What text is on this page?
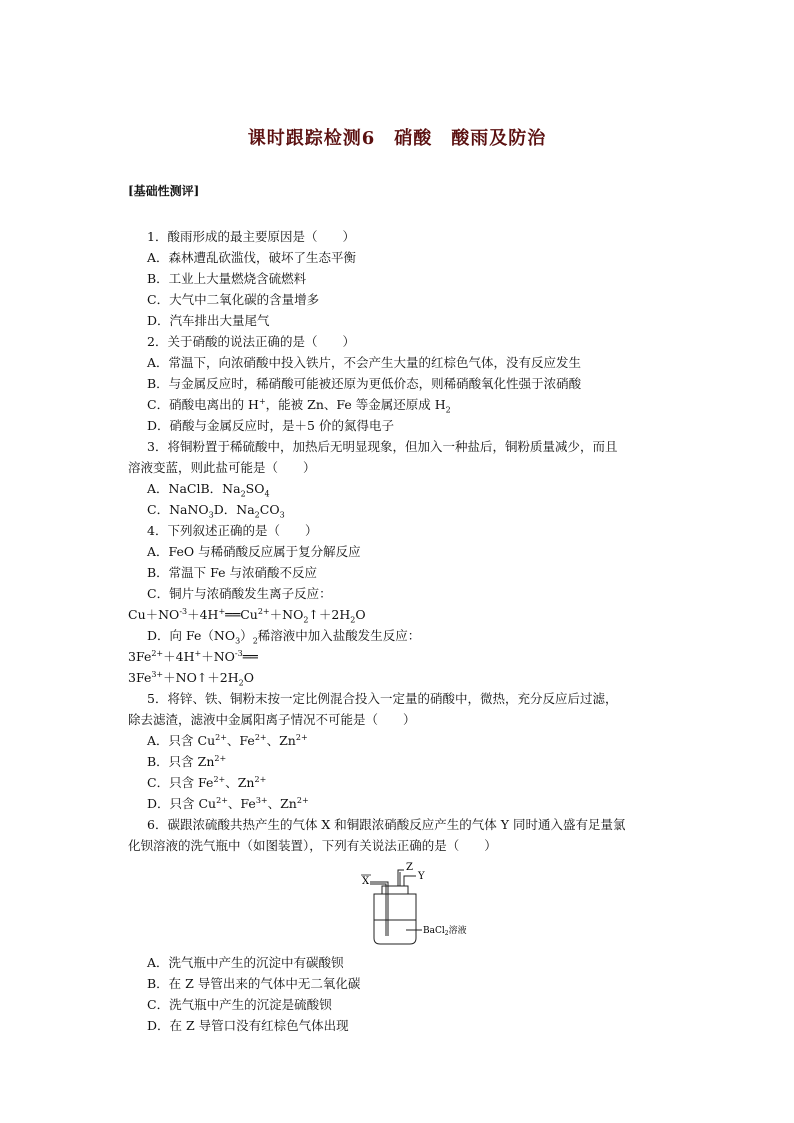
课时跟踪检测6　硝酸　酸雨及防治
[基础性测评]
1．酸雨形成的最主要原因是（　　）
A．森林遭乱砍滥伐，破坏了生态平衡
B．工业上大量燃烧含硫燃料
C．大气中二氧化碳的含量增多
D．汽车排出大量尾气
2．关于硝酸的说法正确的是（　　）
A．常温下，向浓硝酸中投入铁片，不会产生大量的红棕色气体，没有反应发生
B．与金属反应时，稀硝酸可能被还原为更低价态，则稀硝酸氧化性强于浓硝酸
C．硝酸电离出的 H+，能被 Zn、Fe 等金属还原成 $H_2$
D．硝酸与金属反应时，是＋5 价的氮得电子
3．将铜粉置于稀硫酸中，加热后无明显现象，但加入一种盐后，铜粉质量减少，而且
溶液变蓝，则此盐可能是（　　）
A．NaClB．$Na_2SO_4$
C．NaNO$_3$D．$Na_2CO_3$
4．下列叙述正确的是（　　）
A．FeO 与稀硝酸反应属于复分解反应
B．常温下 Fe 与浓硝酸不反应
C．铜片与浓硝酸发生离子反应：
$Cu+NO^{-3}+4H^+══Cu^{2+}+NO_2↑+2H_2O$
D．向 $Fe(NO_3)_2$稀溶液中加入盐酸发生反应：
$3Fe^{2+}+4H^++NO^{-3}══$
$3Fe^{3+}+NO↑+2H_2O$
5．将锌、铁、铜粉末按一定比例混合投入一定量的硝酸中，微热，充分反应后过滤，
除去滤渣，滤液中金属阳离子情况不可能是（　　）
A．只含 $Cu^{2+}$、$Fe^{2+}$、$Zn^{2+}$
B．只含 $Zn^{2+}$
C．只含 $Fe^{2+}$、$Zn^{2+}$
D．只含 $Cu^{2+}$、$Fe^{3+}$、$Zn^{2+}$
6．碳跟浓硫酸共热产生的气体 X 和铜跟浓硝酸反应产生的气体 Y 同时通入盛有足量氯
化钡溶液的洗气瓶中（如图装置），下列有关说法正确的是（　　）
X
Z
Y
BaCl$_2$溶液
A．洗气瓶中产生的沉淀中有碳酸钡
B．在 Z 导管出来的气体中无二氧化碳
C．洗气瓶中产生的沉淀是硫酸钡
D．在 Z 导管口没有红棕色气体出现
